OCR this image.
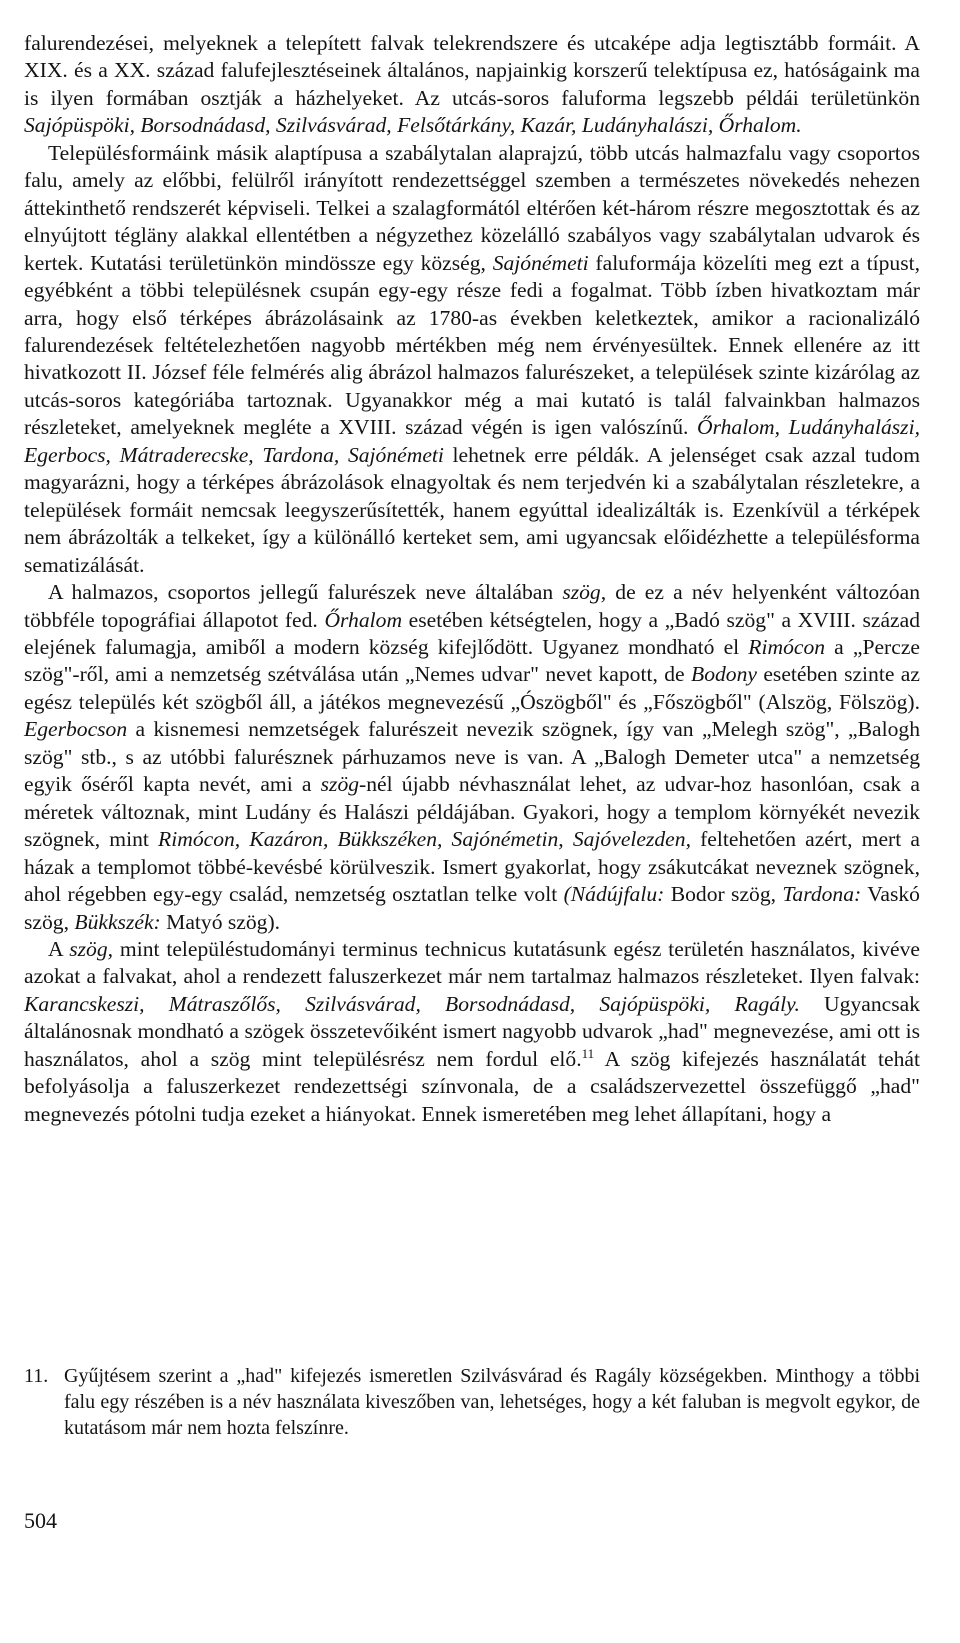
falurendezései, melyeknek a telepített falvak telekrendszere és utcaképe adja legtisztább formáit. A XIX. és a XX. század falufejlesztéseinek általános, napjainkig korszerű telektípusa ez, hatóságaink ma is ilyen formában osztják a házhelyeket. Az utcás-soros faluforma legszebb példái területünkön Sajópüspöki, Borsodnádasd, Szilvásvárad, Felsőtárkány, Kazár, Ludányhalászi, Őrhalom.

Településformáink másik alaptípusa a szabálytalan alaprajzú, több utcás halmazfalu vagy csoportos falu, amely az előbbi, felülről irányított rendezettséggel szemben a természetes növekedés nehezen áttekinthető rendszerét képviseli. Telkei a szalagformától eltérően két-három részre megosztottak és az elnyújtott tégläny alakkal ellentétben a négyzethez közelálló szabályos vagy szabálytalan udvarok és kertek. Kutatási területünkön mindössze egy község, Sajónémeti faluformája közelíti meg ezt a típust, egyébként a többi településnek csupán egy-egy része fedi a fogalmat. Több ízben hivatkoztam már arra, hogy első térképes ábrázolásaink az 1780-as években keletkeztek, amikor a racionalizáló falurendezések feltételezhetően nagyobb mértékben még nem érvényesültek. Ennek ellenére az itt hivatkozott II. József féle felmérés alig ábrázol halmazos falurészeket, a települések szinte kizárólag az utcás-soros kategóriába tartoznak. Ugyanakkor még a mai kutató is talál falvainkban halmazos részleteket, amelyeknek megléte a XVIII. század végén is igen valószínű. Őrhalom, Ludányhalászi, Egerbocs, Mátraderecske, Tardona, Sajónémeti lehetnek erre példák. A jelenséget csak azzal tudom magyarázni, hogy a térképes ábrázolások elnagyoltak és nem terjedvén ki a szabálytalan részletekre, a települések formáit nemcsak leegyszerűsítették, hanem egyúttal idealizálták is. Ezenkívül a térképek nem ábrázolták a telkeket, így a különálló kerteket sem, ami ugyancsak előidézhette a településforma sematizálását.

A halmazos, csoportos jellegű falurészek neve általában szög, de ez a név helyenként változóan többféle topográfiai állapotot fed. Őrhalom esetében kétségtelen, hogy a „Badó szög" a XVIII. század elejének falumagja, amiből a modern község kifejlődött. Ugyanez mondható el Rimócon a „Percze szög"-ről, ami a nemzetség szétválása után „Nemes udvar" nevet kapott, de Bodony esetében szinte az egész település két szögből áll, a játékos megnevezésű „Ószögből" és „Főszögből" (Alszög, Fölszög). Egerbocson a kisnemesi nemzetségek falurészeit nevezik szögnek, így van „Melegh szög", „Balogh szög" stb., s az utóbbi falurésznek párhuzamos neve is van. A „Balogh Demeter utca" a nemzetség egyik őséről kapta nevét, ami a szög-nél újabb névhasználat lehet, az udvar-hoz hasonlóan, csak a méretek változnak, mint Ludány és Halászi példájában. Gyakori, hogy a templom környékét nevezik szögnek, mint Rimócon, Kazáron, Bükkszéken, Sajónémetin, Sajóvelezden, feltehetően azért, mert a házak a templomot többé-kevésbé körülveszik. Ismert gyakorlat, hogy zsákutcákat neveznek szögnek, ahol régebben egy-egy család, nemzetség osztatlan telke volt (Nádújfalu: Bodor szög, Tardona: Vaskó szög, Bükkszék: Matyó szög).

A szög, mint településtudományi terminus technicus kutatásunk egész területén használatos, kivéve azokat a falvakat, ahol a rendezett faluszerkezet már nem tartalmaz halmazos részleteket. Ilyen falvak: Karancskeszi, Mátraszőlős, Szilvásvárad, Borsodnádasd, Sajópüspöki, Ragály. Ugyancsak általánosnak mondható a szögek összetevőiként ismert nagyobb udvarok „had" megnevezése, ami ott is használatos, ahol a szög mint településrész nem fordul elő.$^{11}$ A szög kifejezés használatát tehát befolyásolja a faluszerkezet rendezettségi színvonala, de a családszervezettel összefüggő „had" megnevezés pótolni tudja ezeket a hiányokat. Ennek ismeretében meg lehet állapítani, hogy a

11. Gyűjtésem szerint a „had" kifejezés ismeretlen Szilvásvárad és Ragály községekben. Minthogy a többi falu egy részében is a név használata kiveszőben van, lehetséges, hogy a két faluban is megvolt egykor, de kutatásom már nem hozta felszínre.
504
